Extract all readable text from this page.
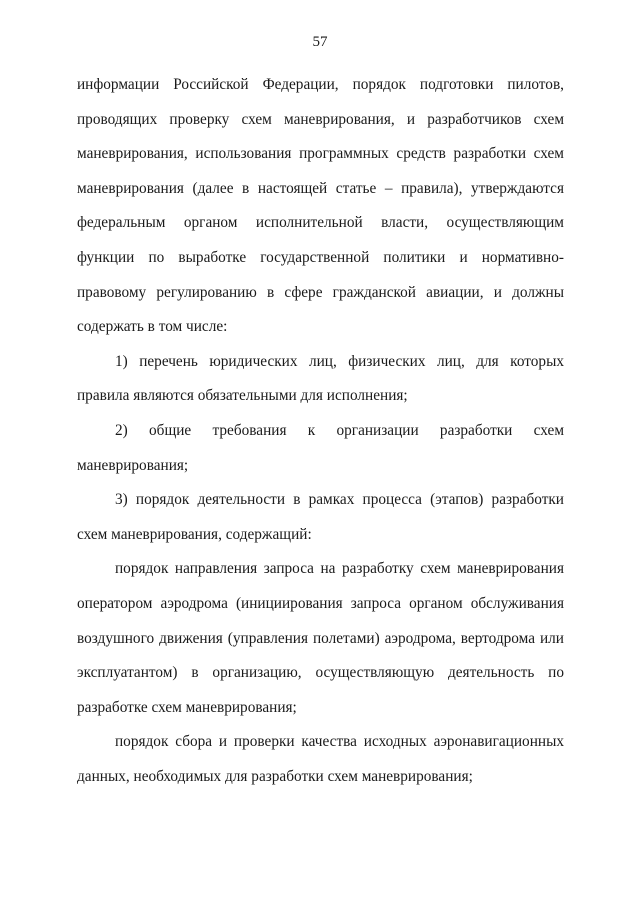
57

информации Российской Федерации, порядок подготовки пилотов, проводящих проверку схем маневрирования, и разработчиков схем маневрирования, использования программных средств разработки схем маневрирования (далее в настоящей статье – правила), утверждаются федеральным органом исполнительной власти, осуществляющим функции по выработке государственной политики и нормативно-правовому регулированию в сфере гражданской авиации, и должны содержать в том числе:

1) перечень юридических лиц, физических лиц, для которых правила являются обязательными для исполнения;

2) общие требования к организации разработки схем маневрирования;

3) порядок деятельности в рамках процесса (этапов) разработки схем маневрирования, содержащий:

порядок направления запроса на разработку схем маневрирования оператором аэродрома (инициирования запроса органом обслуживания воздушного движения (управления полетами) аэродрома, вертодрома или эксплуатантом) в организацию, осуществляющую деятельность по разработке схем маневрирования;

порядок сбора и проверки качества исходных аэронавигационных данных, необходимых для разработки схем маневрирования;
